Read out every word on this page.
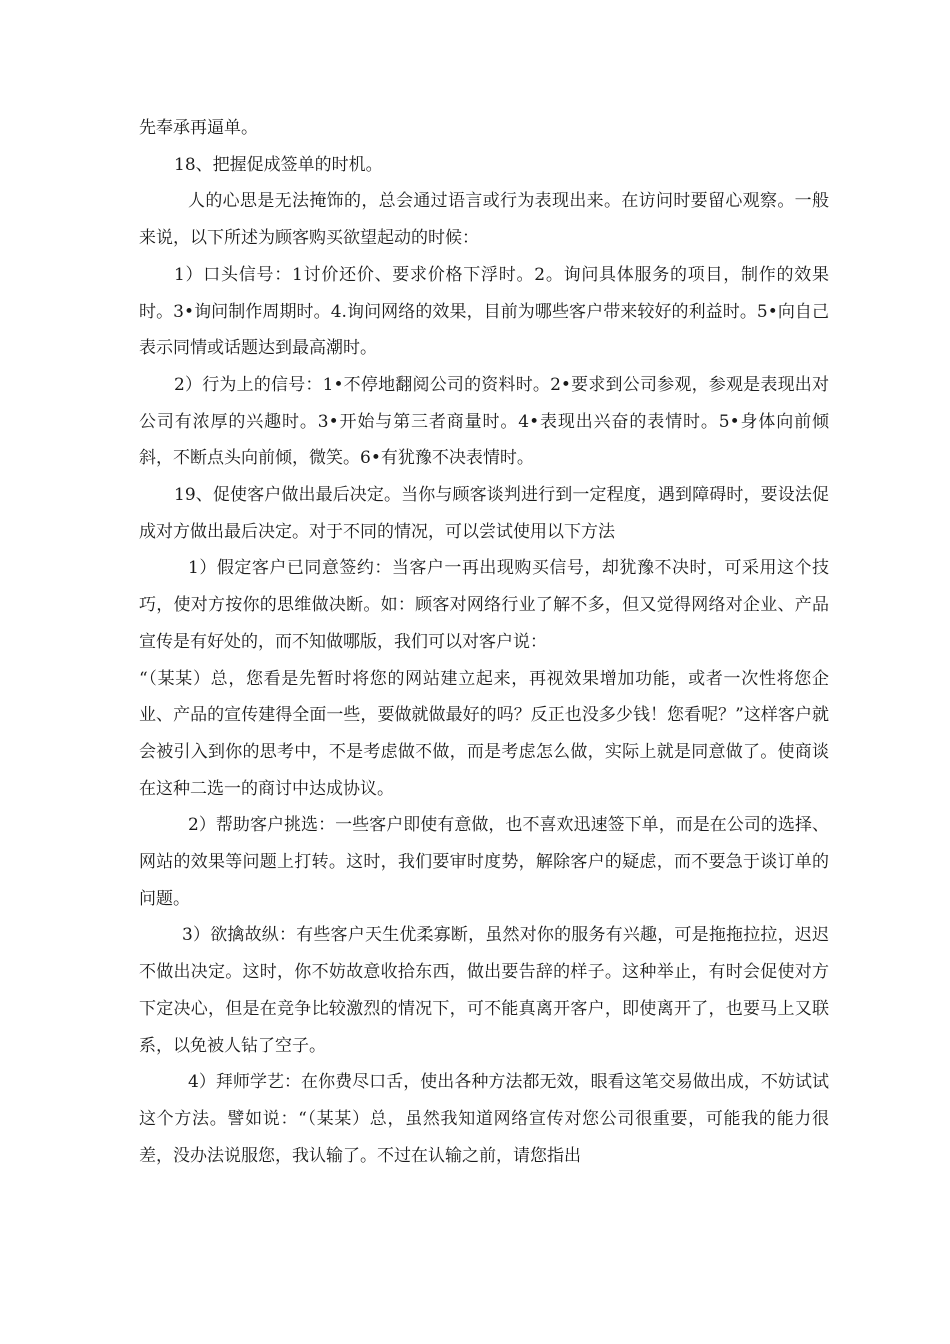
先奉承再逼单。

18、把握促成签单的时机。

人的心思是无法掩饰的，总会通过语言或行为表现出来。在访问时要留心观察。一般来说，以下所述为顾客购买欲望起动的时候：

1）口头信号：1讨价还价、要求价格下浮时。2。询问具体服务的项目，制作的效果时。3•询问制作周期时。4.询问网络的效果，目前为哪些客户带来较好的利益时。5•向自己表示同情或话题达到最高潮时。

2）行为上的信号：1•不停地翻阅公司的资料时。2•要求到公司参观，参观是表现出对公司有浓厚的兴趣时。3•开始与第三者商量时。4•表现出兴奋的表情时。5•身体向前倾斜，不断点头向前倾，微笑。6•有犹豫不决表情时。

19、促使客户做出最后决定。当你与顾客谈判进行到一定程度，遇到障碍时，要设法促成对方做出最后决定。对于不同的情况，可以尝试使用以下方法

1）假定客户已同意签约：当客户一再出现购买信号，却犹豫不决时，可采用这个技巧，使对方按你的思维做决断。如：顾客对网络行业了解不多，但又觉得网络对企业、产品宣传是有好处的，而不知做哪版，我们可以对客户说：

“（某某）总，您看是先暂时将您的网站建立起来，再视效果增加功能，或者一次性将您企业、产品的宣传建得全面一些，要做就做最好的吗？反正也没多少钱！您看呢？”这样客户就会被引入到你的思考中，不是考虑做不做，而是考虑怎么做，实际上就是同意做了。使商谈在这种二选一的商讨中达成协议。

2）帮助客户挑选：一些客户即使有意做，也不喜欢迅速签下单，而是在公司的选择、网站的效果等问题上打转。这时，我们要审时度势，解除客户的疑虑，而不要急于谈订单的问题。

3）欲擒故纵：有些客户天生优柔寡断，虽然对你的服务有兴趣，可是拖拖拉拉，迟迟不做出决定。这时，你不妨故意收拾东西，做出要告辞的样子。这种举止，有时会促使对方下定决心，但是在竞争比较激烈的情况下，可不能真离开客户，即使离开了，也要马上又联系，以免被人钻了空子。

4）拜师学艺：在你费尽口舌，使出各种方法都无效，眼看这笔交易做出成，不妨试试这个方法。譬如说：“（某某）总，虽然我知道网络宣传对您公司很重要，可能我的能力很差，没办法说服您，我认输了。不过在认输之前，请您指出
